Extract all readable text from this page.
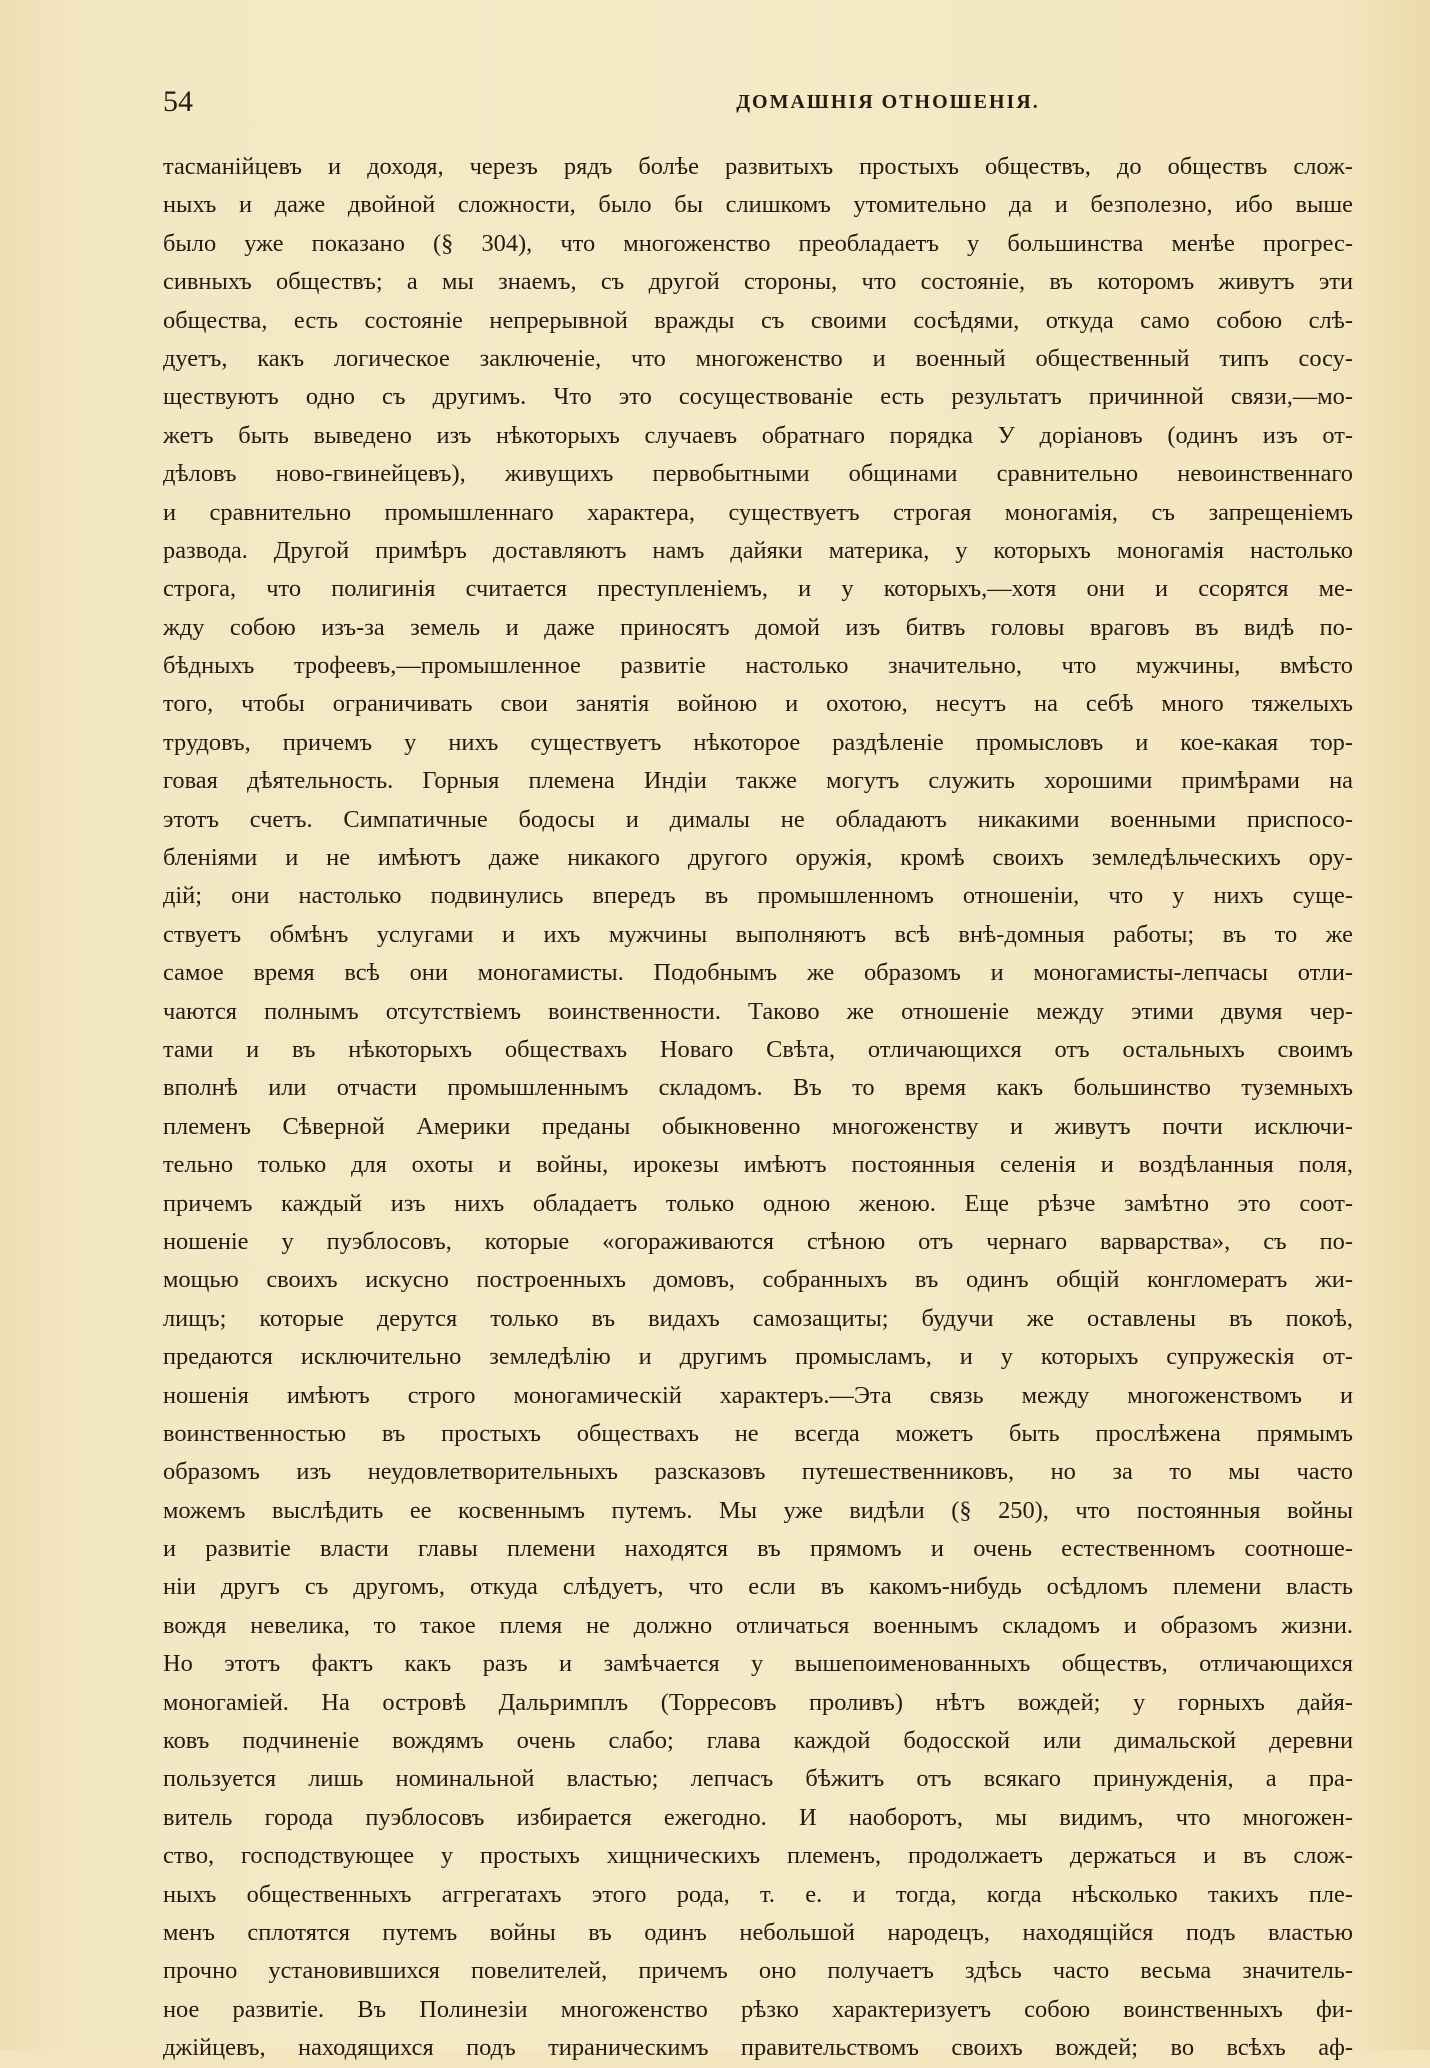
54	ДОМАШНІЯ ОТНОШЕНІЯ.
тасманійцевъ и доходя, черезъ рядъ болѣе развитыхъ простыхъ обществъ, до обществъ слож-
ныхъ и даже двойной сложности, было бы слишкомъ утомительно да и безполезно, ибо выше
было уже показано (§ 304), что многоженство преобладаетъ у большинства менѣе прогрес-
сивныхъ обществъ; а мы знаемъ, съ другой стороны, что состояніе, въ которомъ живутъ эти
общества, есть состояніе непрерывной вражды съ своими сосѣдями, откуда само собою слѣ-
дуетъ, какъ логическое заключеніе, что многоженство и военный общественный типъ сосу-
ществуютъ одно съ другимъ. Что это сосуществованіе есть результатъ причинной связи,—мо-
жетъ быть выведено изъ нѣкоторыхъ случаевъ обратнаго порядка У доріановъ (одинъ изъ от-
дѣловъ ново-гвинейцевъ), живущихъ первобытными общинами сравнительно невоинственнаго
и сравнительно промышленнаго характера, существуетъ строгая моногамія, съ запрещеніемъ
развода. Другой примѣръ доставляютъ намъ дайяки материка, у которыхъ моногамія настолько
строга, что полигинія считается преступленіемъ, и у которыхъ,—хотя они и ссорятся ме-
жду собою изъ-за земель и даже приносятъ домой изъ битвъ головы враговъ въ видѣ по-
бѣдныхъ трофеевъ,—промышленное развитіе настолько значительно, что мужчины, вмѣсто
того, чтобы ограничивать свои занятія войною и охотою, несутъ на себѣ много тяжелыхъ
трудовъ, причемъ у нихъ существуетъ нѣкоторое раздѣленіе промысловъ и кое-какая тор-
говая дѣятельность. Горныя племена Индіи также могутъ служить хорошими примѣрами на
этотъ счетъ. Симпатичные бодосы и дималы не обладаютъ никакими военными приспосо-
бленіями и не имѣютъ даже никакого другого оружія, кромѣ своихъ земледѣльческихъ ору-
дій; они настолько подвинулись впередъ въ промышленномъ отношеніи, что у нихъ суще-
ствуетъ обмѣнъ услугами и ихъ мужчины выполняютъ всѣ внѣ-домныя работы; въ то же
самое время всѣ они моногамисты. Подобнымъ же образомъ и моногамисты-лепчасы отли-
чаются полнымъ отсутствіемъ воинственности. Таково же отношеніе между этими двумя чер-
тами и въ нѣкоторыхъ обществахъ Новаго Свѣта, отличающихся отъ остальныхъ своимъ
вполнѣ или отчасти промышленнымъ складомъ. Въ то время какъ большинство туземныхъ
племенъ Сѣверной Америки преданы обыкновенно многоженству и живутъ почти исключи-
тельно только для охоты и войны, ирокезы имѣютъ постоянныя селенія и воздѣланныя поля,
причемъ каждый изъ нихъ обладаетъ только одною женою. Еще рѣзче замѣтно это соот-
ношеніе у пуэблосовъ, которые «огораживаются стѣною отъ чернаго варварства», съ по-
мощью своихъ искусно построенныхъ домовъ, собранныхъ въ одинъ общій конгломератъ жи-
лищъ; которые дерутся только въ видахъ самозащиты; будучи же оставлены въ покоѣ,
предаются исключительно земледѣлію и другимъ промысламъ, и у которыхъ супружескія от-
ношенія имѣютъ строго моногамическій характеръ.—Эта связь между многоженствомъ и
воинственностью въ простыхъ обществахъ не всегда можетъ быть прослѣжена прямымъ
образомъ изъ неудовлетворительныхъ разсказовъ путешественниковъ, но за то мы часто
можемъ выслѣдить ее косвеннымъ путемъ. Мы уже видѣли (§ 250), что постоянныя войны
и развитіе власти главы племени находятся въ прямомъ и очень естественномъ соотноше-
ніи другъ съ другомъ, откуда слѣдуетъ, что если въ какомъ-нибудь осѣдломъ племени власть
вождя невелика, то такое племя не должно отличаться военнымъ складомъ и образомъ жизни.
Но этотъ фактъ какъ разъ и замѣчается у вышепоименованныхъ обществъ, отличающихся
моногаміей. На островѣ Дальримплъ (Торресовъ проливъ) нѣтъ вождей; у горныхъ дайя-
ковъ подчиненіе вождямъ очень слабо; глава каждой бодосской или димальской деревни
пользуется лишь номинальной властью; лепчасъ бѣжитъ отъ всякаго принужденія, а пра-
витель города пуэблосовъ избирается ежегодно. И наоборотъ, мы видимъ, что многожен-
ство, господствующее у простыхъ хищническихъ племенъ, продолжаетъ держаться и въ слож-
ныхъ общественныхъ аггрегатахъ этого рода, т. е. и тогда, когда нѣсколько такихъ пле-
менъ сплотятся путемъ войны въ одинъ небольшой народецъ, находящійся подъ властью
прочно установившихся повелителей, причемъ оно получаетъ здѣсь часто весьма значитель-
ное развитіе. Въ Полинезіи многоженство рѣзко характеризуетъ собою воинственныхъ фи-
джійцевъ, находящихся подъ тираническимъ правительствомъ своихъ вождей; во всѣхъ аф-
